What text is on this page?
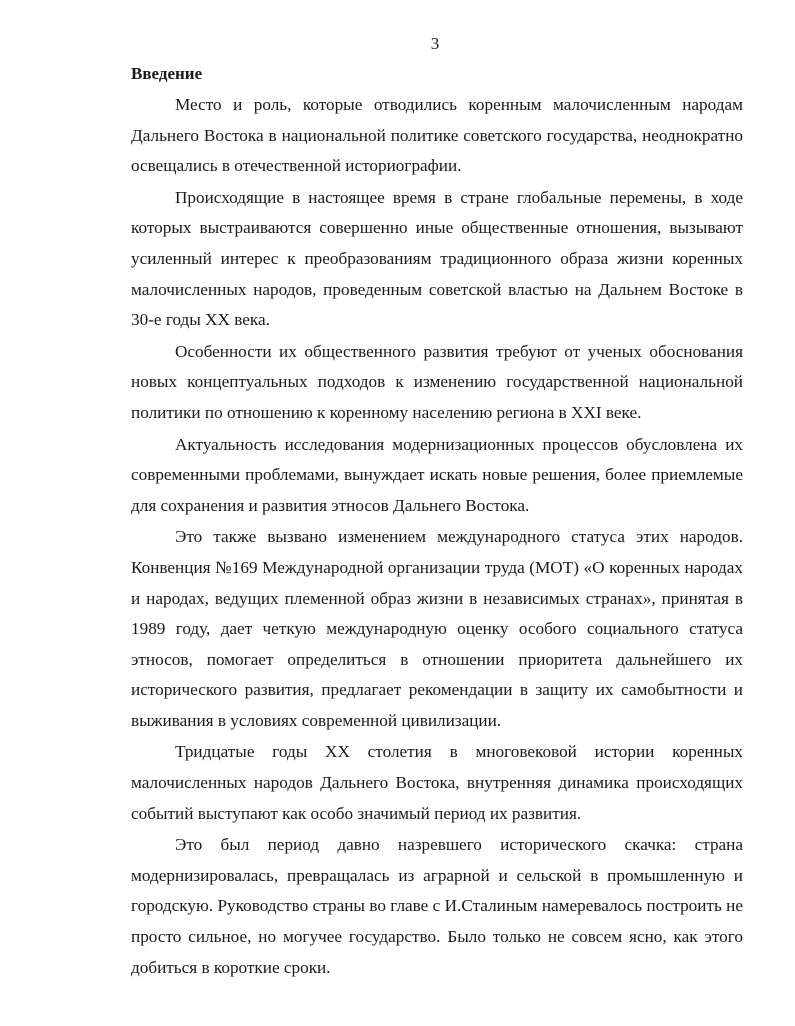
3
Введение

Место и роль, которые отводились коренным малочисленным народам Дальнего Востока в национальной политике советского государства, неоднократно освещались в отечественной историографии.

Происходящие в настоящее время в стране глобальные перемены, в ходе которых выстраиваются совершенно иные общественные отношения, вызывают усиленный интерес к преобразованиям традиционного образа жизни коренных малочисленных народов, проведенным советской властью на Дальнем Востоке в 30-е годы XX века.

Особенности их общественного развития требуют от ученых обоснования новых концептуальных подходов к изменению государственной национальной политики по отношению к коренному населению региона в XXI веке.

Актуальность исследования модернизационных процессов обусловлена их современными проблемами, вынуждает искать новые решения, более приемлемые для сохранения и развития этносов Дальнего Востока.

Это также вызвано изменением международного статуса этих народов. Конвенция №169 Международной организации труда (МОТ) «О коренных народах и народах, ведущих племенной образ жизни в независимых странах», принятая в 1989 году, дает четкую международную оценку особого социального статуса этносов, помогает определиться в отношении приоритета дальнейшего их исторического развития, предлагает рекомендации в защиту их самобытности и выживания в условиях современной цивилизации.

Тридцатые годы XX столетия в многовековой истории коренных малочисленных народов Дальнего Востока, внутренняя динамика происходящих событий выступают как особо значимый период их развития.

Это был период давно назревшего исторического скачка: страна модернизировалась, превращалась из аграрной и сельской в промышленную и городскую. Руководство страны во главе с И.Сталиным намеревалось построить не просто сильное, но могучее государство. Было только не совсем ясно, как этого добиться в короткие сроки.
